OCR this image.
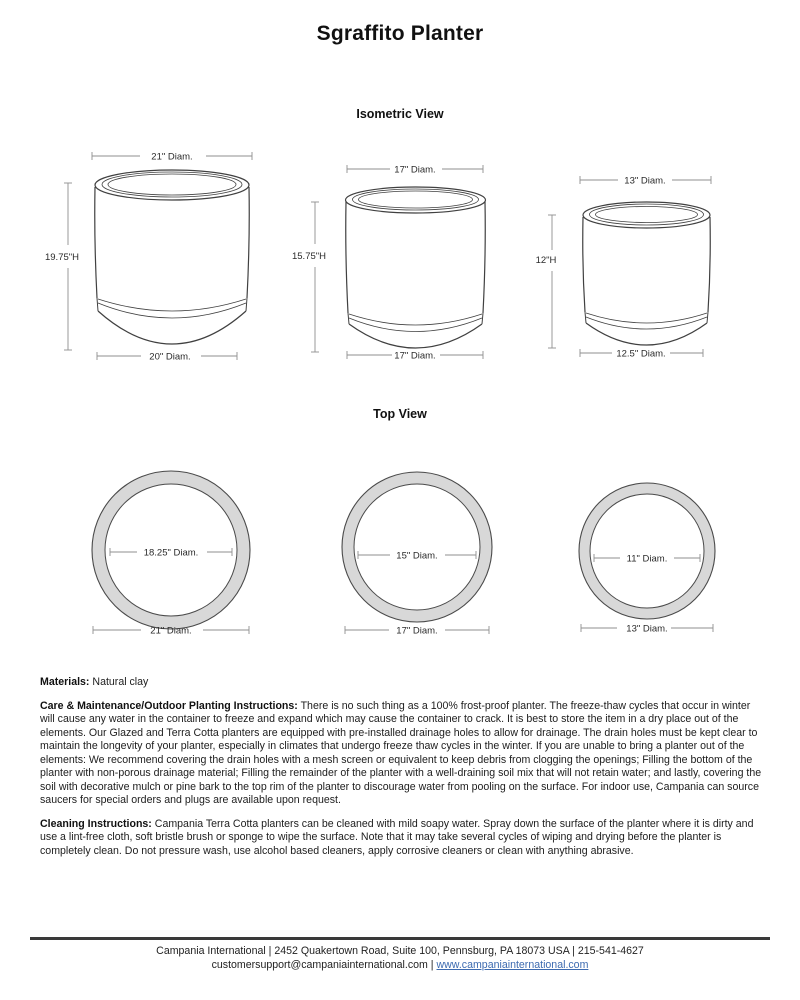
Sgraffito Planter
Isometric View
21" Diam.
19.75"H
20" Diam.
17" Diam.
15.75"H
17" Diam.
13" Diam.
12"H
12.5" Diam.
Top View
18.25" Diam.
21" Diam.
15" Diam.
17" Diam.
11" Diam.
13" Diam.

Materials: Natural clay

Care & Maintenance/Outdoor Planting Instructions: There is no such thing as a 100% frost-proof planter. The freeze-thaw cycles that occur in winter will cause any water in the container to freeze and expand which may cause the container to crack. It is best to store the item in a dry place out of the elements. Our Glazed and Terra Cotta planters are equipped with pre-installed drainage holes to allow for drainage. The drain holes must be kept clear to maintain the longevity of your planter, especially in climates that undergo freeze thaw cycles in the winter. If you are unable to bring a planter out of the elements: We recommend covering the drain holes with a mesh screen or equivalent to keep debris from clogging the openings; Filling the bottom of the planter with non-porous drainage material; Filling the remainder of the planter with a well-draining soil mix that will not retain water; and lastly, covering the soil with decorative mulch or pine bark to the top rim of the planter to discourage water from pooling on the surface. For indoor use, Campania can source saucers for special orders and plugs are available upon request.

Cleaning Instructions: Campania Terra Cotta planters can be cleaned with mild soapy water. Spray down the surface of the planter where it is dirty and use a lint-free cloth, soft bristle brush or sponge to wipe the surface. Note that it may take several cycles of wiping and drying before the planter is completely clean. Do not pressure wash, use alcohol based cleaners, apply corrosive cleaners or clean with anything abrasive.

Campania International | 2452 Quakertown Road, Suite 100, Pennsburg, PA 18073 USA | 215-541-4627
customersupport@campaniainternational.com | www.campaniainternational.com
